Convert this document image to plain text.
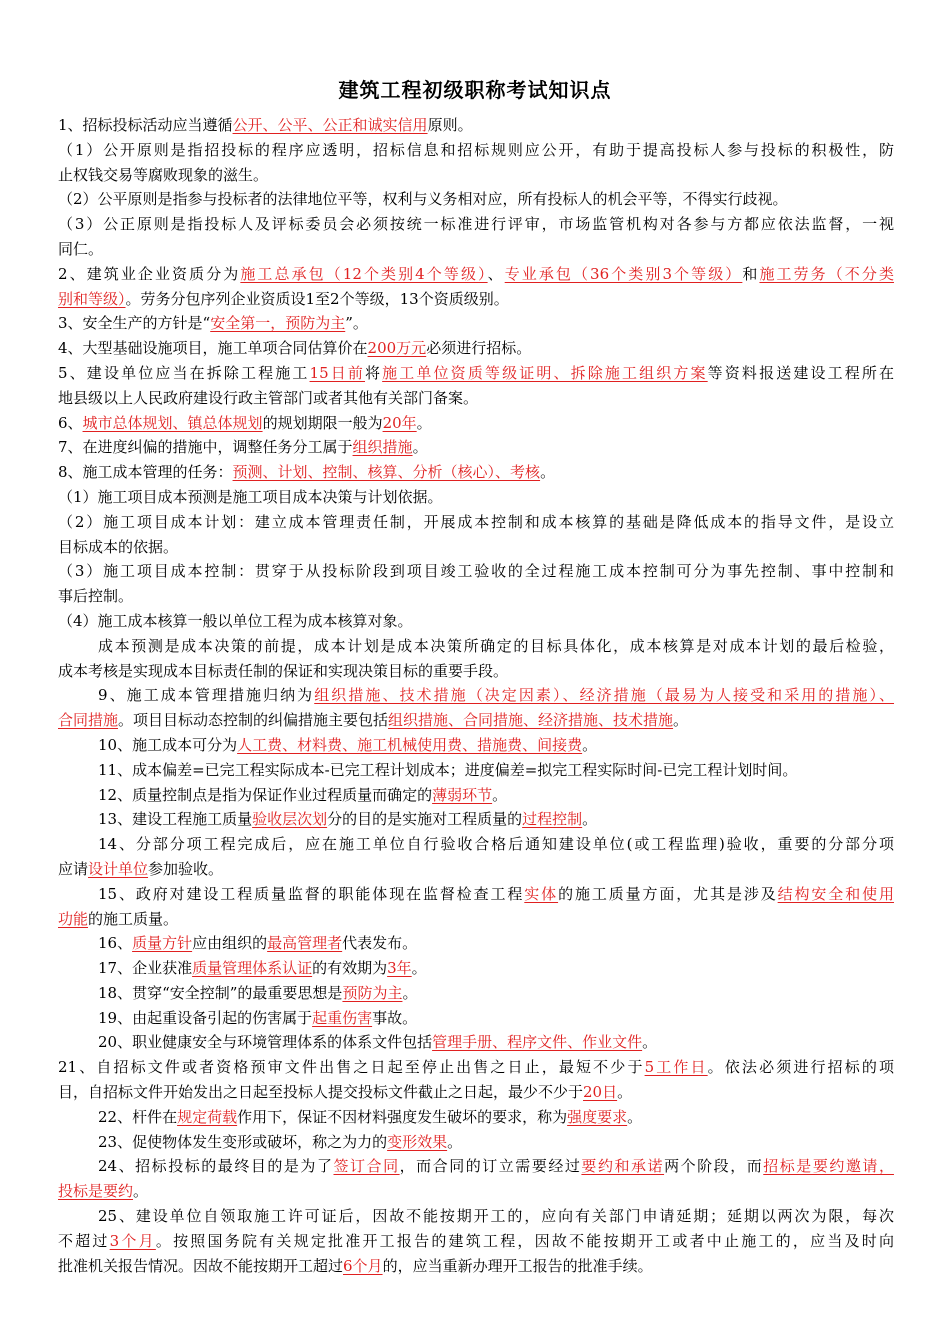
建筑工程初级职称考试知识点
1、招标投标活动应当遵循公开、公平、公正和诚实信用原则。
（1）公开原则是指招投标的程序应透明，招标信息和招标规则应公开，有助于提高投标人参与投标的积极性，防
止权钱交易等腐败现象的滋生。
（2）公平原则是指参与投标者的法律地位平等，权利与义务相对应，所有投标人的机会平等，不得实行歧视。
（3）公正原则是指投标人及评标委员会必须按统一标准进行评审，市场监管机构对各参与方都应依法监督，一视
同仁。
2、建筑业企业资质分为施工总承包（12个类别4个等级）、专业承包（36个类别3个等级）和施工劳务（不分类
别和等级）。劳务分包序列企业资质设1至2个等级，13个资质级别。
3、安全生产的方针是“安全第一，预防为主”。
4、大型基础设施项目，施工单项合同估算价在200万元必须进行招标。
5、建设单位应当在拆除工程施工15日前将施工单位资质等级证明、拆除施工组织方案等资料报送建设工程所在
地县级以上人民政府建设行政主管部门或者其他有关部门备案。
6、城市总体规划、镇总体规划的规划期限一般为20年。
7、在进度纠偏的措施中，调整任务分工属于组织措施。
8、施工成本管理的任务：预测、计划、控制、核算、分析（核心）、考核。
（1）施工项目成本预测是施工项目成本决策与计划依据。
（2）施工项目成本计划：建立成本管理责任制，开展成本控制和成本核算的基础是降低成本的指导文件，是设立
目标成本的依据。
（3）施工项目成本控制：贯穿于从投标阶段到项目竣工验收的全过程施工成本控制可分为事先控制、事中控制和
事后控制。
（4）施工成本核算一般以单位工程为成本核算对象。
成本预测是成本决策的前提，成本计划是成本决策所确定的目标具体化，成本核算是对成本计划的最后检验，
成本考核是实现成本目标责任制的保证和实现决策目标的重要手段。
9、施工成本管理措施归纳为组织措施、技术措施（决定因素）、经济措施（最易为人接受和采用的措施）、
合同措施。项目目标动态控制的纠偏措施主要包括组织措施、合同措施、经济措施、技术措施。
10、施工成本可分为人工费、材料费、施工机械使用费、措施费、间接费。
11、成本偏差=已完工程实际成本-已完工程计划成本；进度偏差=拟完工程实际时间-已完工程计划时间。
12、质量控制点是指为保证作业过程质量而确定的薄弱环节。
13、建设工程施工质量验收层次划分的目的是实施对工程质量的过程控制。
14、分部分项工程完成后，应在施工单位自行验收合格后通知建设单位(或工程监理)验收，重要的分部分项
应请设计单位参加验收。
15、政府对建设工程质量监督的职能体现在监督检查工程实体的施工质量方面，尤其是涉及结构安全和使用
功能的施工质量。
16、质量方针应由组织的最高管理者代表发布。
17、企业获准质量管理体系认证的有效期为3年。
18、贯穿“安全控制”的最重要思想是预防为主。
19、由起重设备引起的伤害属于起重伤害事故。
20、职业健康安全与环境管理体系的体系文件包括管理手册、程序文件、作业文件。
21、自招标文件或者资格预审文件出售之日起至停止出售之日止，最短不少于5工作日。依法必须进行招标的项
目，自招标文件开始发出之日起至投标人提交投标文件截止之日起，最少不少于20日。
22、杆件在规定荷载作用下，保证不因材料强度发生破坏的要求，称为强度要求。
23、促使物体发生变形或破坏，称之为力的变形效果。
24、招标投标的最终目的是为了签订合同，而合同的订立需要经过要约和承诺两个阶段，而招标是要约邀请，
投标是要约。
25、建设单位自领取施工许可证后，因故不能按期开工的，应向有关部门申请延期；延期以两次为限，每次
不超过3个月。按照国务院有关规定批准开工报告的建筑工程，因故不能按期开工或者中止施工的，应当及时向
批准机关报告情况。因故不能按期开工超过6个月的，应当重新办理开工报告的批准手续。
